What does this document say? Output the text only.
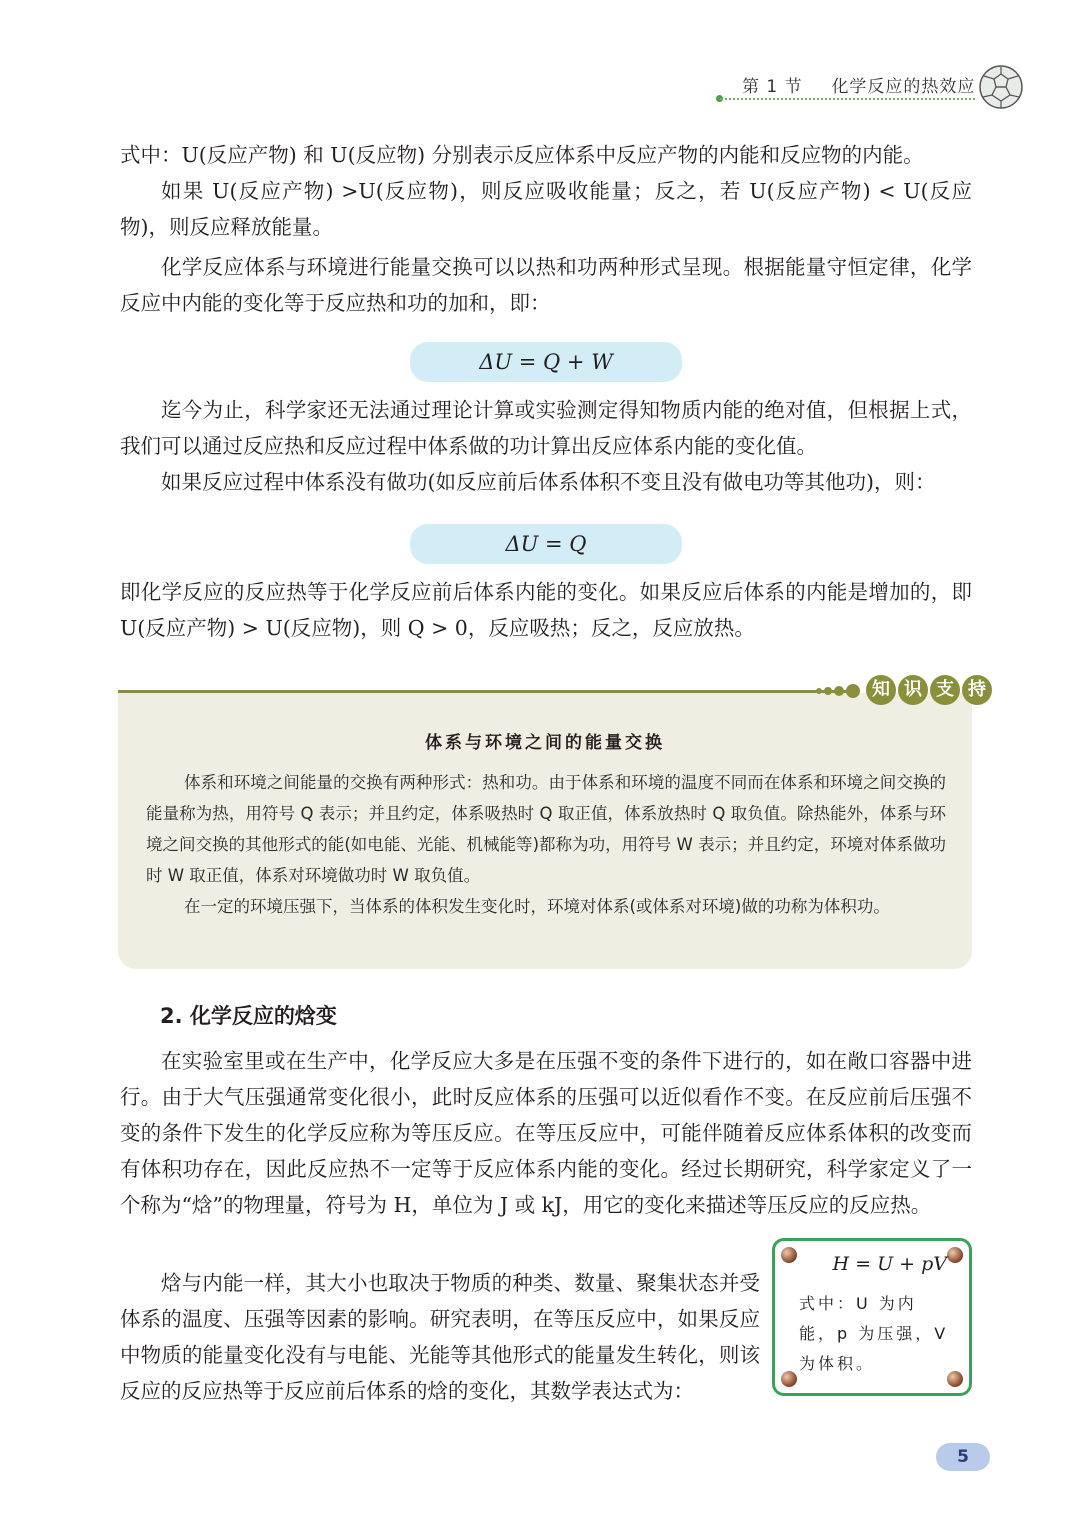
第 1 节 化学反应的热效应
式中：U(反应产物) 和 U(反应物) 分别表示反应体系中反应产物的内能和反应物的内能。
如果 U(反应产物) >U(反应物)，则反应吸收能量；反之，若 U(反应产物) < U(反应物)，则反应释放能量。
化学反应体系与环境进行能量交换可以以热和功两种形式呈现。根据能量守恒定律，化学反应中内能的变化等于反应热和功的加和，即：
ΔU = Q + W
迄今为止，科学家还无法通过理论计算或实验测定得知物质内能的绝对值，但根据上式，我们可以通过反应热和反应过程中体系做的功计算出反应体系内能的变化值。
如果反应过程中体系没有做功(如反应前后体系体积不变且没有做电功等其他功)，则：
ΔU = Q
即化学反应的反应热等于化学反应前后体系内能的变化。如果反应后体系的内能是增加的，即 U(反应产物) > U(反应物)，则 Q > 0，反应吸热；反之，反应放热。
知 识 支 持
体系与环境之间的能量交换
体系和环境之间能量的交换有两种形式：热和功。由于体系和环境的温度不同而在体系和环境之间交换的能量称为热，用符号 Q 表示；并且约定，体系吸热时 Q 取正值，体系放热时 Q 取负值。除热能外，体系与环境之间交换的其他形式的能(如电能、光能、机械能等)都称为功，用符号 W 表示；并且约定，环境对体系做功时 W 取正值，体系对环境做功时 W 取负值。
在一定的环境压强下，当体系的体积发生变化时，环境对体系(或体系对环境)做的功称为体积功。
2. 化学反应的焓变
在实验室里或在生产中，化学反应大多是在压强不变的条件下进行的，如在敞口容器中进行。由于大气压强通常变化很小，此时反应体系的压强可以近似看作不变。在反应前后压强不变的条件下发生的化学反应称为等压反应。在等压反应中，可能伴随着反应体系体积的改变而有体积功存在，因此反应热不一定等于反应体系内能的变化。经过长期研究，科学家定义了一个称为“焓”的物理量，符号为 H，单位为 J 或 kJ，用它的变化来描述等压反应的反应热。
焓与内能一样，其大小也取决于物质的种类、数量、聚集状态并受体系的温度、压强等因素的影响。研究表明，在等压反应中，如果反应中物质的能量变化没有与电能、光能等其他形式的能量发生转化，则该反应的反应热等于反应前后体系的焓的变化，其数学表达式为：
H = U + pV
式中：U 为内能，p 为压强，V 为体积。
5
